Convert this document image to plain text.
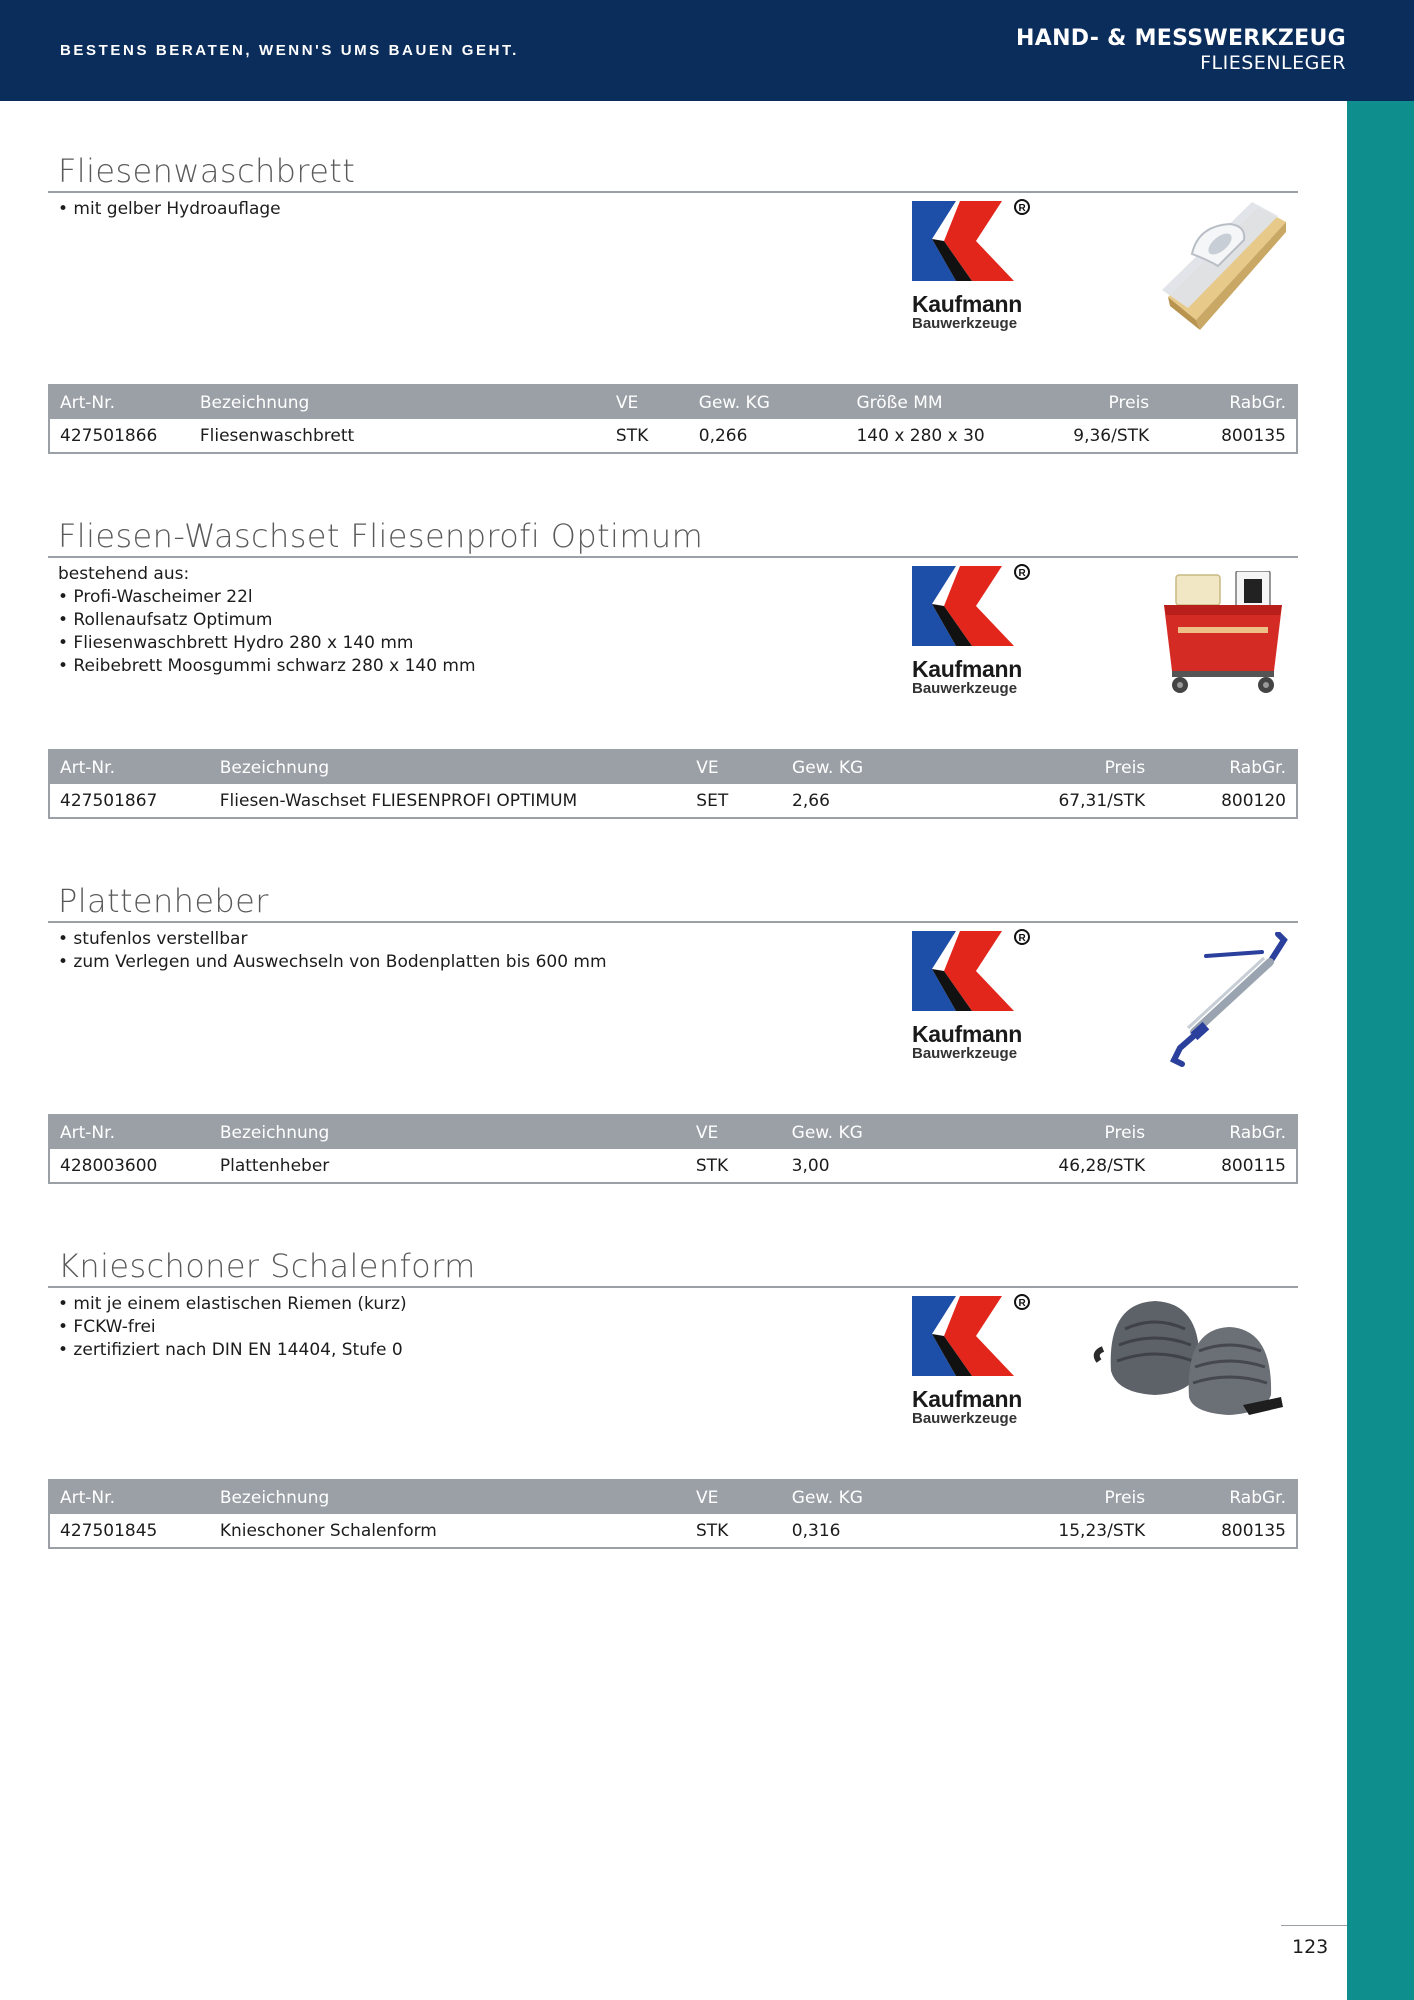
BESTENS BERATEN, WENN'S UMS BAUEN GEHT.	HAND- & MESSWERKZEUG
FLIESENLEGER
Fliesenwaschbrett
• mit gelber Hydroauflage	R
Kaufmann
Bauwerkzeuge
Art-Nr.	Bezeichnung	VE	Gew. KG	Größe MM	Preis	RabGr.
427501866	Fliesenwaschbrett	STK	0,266	140 x 280 x 30	9,36/STK	800135
Fliesen-Waschset Fliesenprofi Optimum
bestehend aus:
• Profi-Wascheimer 22l
• Rollenaufsatz Optimum
• Fliesenwaschbrett Hydro 280 x 140 mm
• Reibebrett Moosgummi schwarz 280 x 140 mm
R
Kaufmann
Bauwerkzeuge
Art-Nr.	Bezeichnung	VE	Gew. KG	Preis	RabGr.
427501867	Fliesen-Waschset FLIESENPROFI OPTIMUM	SET	2,66	67,31/STK	800120
Plattenheber
• stufenlos verstellbar
• zum Verlegen und Auswechseln von Bodenplatten bis 600 mm
R
Kaufmann
Bauwerkzeuge
Art-Nr.	Bezeichnung	VE	Gew. KG	Preis	RabGr.
428003600	Plattenheber	STK	3,00	46,28/STK	800115
Knieschoner Schalenform
• mit je einem elastischen Riemen (kurz)
• FCKW-frei
• zertifiziert nach DIN EN 14404, Stufe 0
R
Kaufmann
Bauwerkzeuge
Art-Nr.	Bezeichnung	VE	Gew. KG	Preis	RabGr.
427501845	Knieschoner Schalenform	STK	0,316	15,23/STK	800135
123
